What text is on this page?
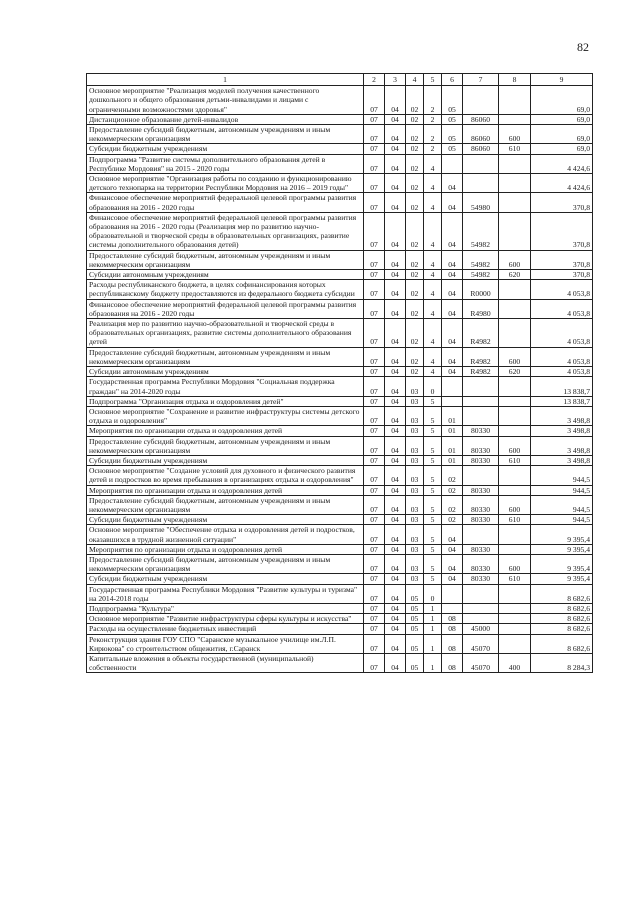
82
1	2	3	4	5	6	7	8	9
Основное мероприятие "Реализация моделей получения качественного дошкольного и общего образования детьми-инвалидами и лицами с ограниченными возможностями здоровья"	07	04	02	2	05			69,0
Дистанционное образование детей-инвалидов	07	04	02	2	05	86060		69,0
Предоставление субсидий бюджетным, автономным учреждениям и иным некоммерческим организациям	07	04	02	2	05	86060	600	69,0
Субсидии бюджетным учреждениям	07	04	02	2	05	86060	610	69,0
Подпрограмма "Развитие системы дополнительного образования детей в Республике Мордовия" на 2015 - 2020 годы	07	04	02	4				4 424,6
Основное мероприятие "Организация работы по созданию и функционированию детского технопарка на территории Республики Мордовия на 2016 – 2019 годы"	07	04	02	4	04			4 424,6
Финансовое обеспечение мероприятий федеральной целевой программы развития образования на 2016 - 2020 годы	07	04	02	4	04	54980		370,8
Финансовое обеспечение мероприятий федеральной целевой программы развития образования на 2016 - 2020 годы (Реализация мер по развитию научно-образовательной и творческой среды в образовательных организациях, развитие системы дополнительного образования детей)	07	04	02	4	04	54982		370,8
Предоставление субсидий бюджетным, автономным учреждениям и иным некоммерческим организациям	07	04	02	4	04	54982	600	370,8
Субсидии автономным учреждениям	07	04	02	4	04	54982	620	370,8
Расходы республиканского бюджета, в целях софинансирования которых республиканскому бюджету предоставляются из федерального бюджета субсидии	07	04	02	4	04	R0000		4 053,8
Финансовое обеспечение мероприятий федеральной целевой программы развития образования на 2016 - 2020 годы	07	04	02	4	04	R4980		4 053,8
Реализация мер по развитию научно-образовательной и творческой среды в образовательных организациях, развитие системы дополнительного образования детей	07	04	02	4	04	R4982		4 053,8
Предоставление субсидий бюджетным, автономным учреждениям и иным некоммерческим организациям	07	04	02	4	04	R4982	600	4 053,8
Субсидии автономным учреждениям	07	04	02	4	04	R4982	620	4 053,8
Государственная программа Республики Мордовия "Социальная поддержка граждан" на 2014-2020 годы	07	04	03	0				13 838,7
Подпрограмма "Организация отдыха и оздоровления детей"	07	04	03	5				13 838,7
Основное мероприятие "Сохранение и развитие инфраструктуры системы детского отдыха и оздоровления"	07	04	03	5	01			3 498,8
Мероприятия по организации отдыха и оздоровления детей	07	04	03	5	01	80330		3 498,8
Предоставление субсидий бюджетным, автономным учреждениям и иным некоммерческим организациям	07	04	03	5	01	80330	600	3 498,8
Субсидии бюджетным учреждениям	07	04	03	5	01	80330	610	3 498,8
Основное мероприятие "Создание условий для духовного и физического развития детей и подростков во время пребывания в организациях отдыха и оздоровления"	07	04	03	5	02			944,5
Мероприятия по организации отдыха и оздоровления детей	07	04	03	5	02	80330		944,5
Предоставление субсидий бюджетным, автономным учреждениям и иным некоммерческим организациям	07	04	03	5	02	80330	600	944,5
Субсидии бюджетным учреждениям	07	04	03	5	02	80330	610	944,5
Основное мероприятие "Обеспечение отдыха и оздоровления детей и подростков, оказавшихся в трудной жизненной ситуации"	07	04	03	5	04			9 395,4
Мероприятия по организации отдыха и оздоровления детей	07	04	03	5	04	80330		9 395,4
Предоставление субсидий бюджетным, автономным учреждениям и иным некоммерческим организациям	07	04	03	5	04	80330	600	9 395,4
Субсидии бюджетным учреждениям	07	04	03	5	04	80330	610	9 395,4
Государственная программа Республики Мордовия "Развитие культуры и туризма" на 2014-2018 годы	07	04	05	0				8 682,6
Подпрограмма "Культура"	07	04	05	1				8 682,6
Основное мероприятие "Развитие инфраструктуры сферы культуры и искусства"	07	04	05	1	08			8 682,6
Расходы на осуществление бюджетных инвестиций	07	04	05	1	08	45000		8 682,6
Реконструкция здания ГОУ СПО "Саранское музыкальное училище им.Л.П. Кирюкова" со строительством общежития, г.Саранск	07	04	05	1	08	45070		8 682,6
Капитальные вложения в объекты государственной (муниципальной) собственности	07	04	05	1	08	45070	400	8 284,3
